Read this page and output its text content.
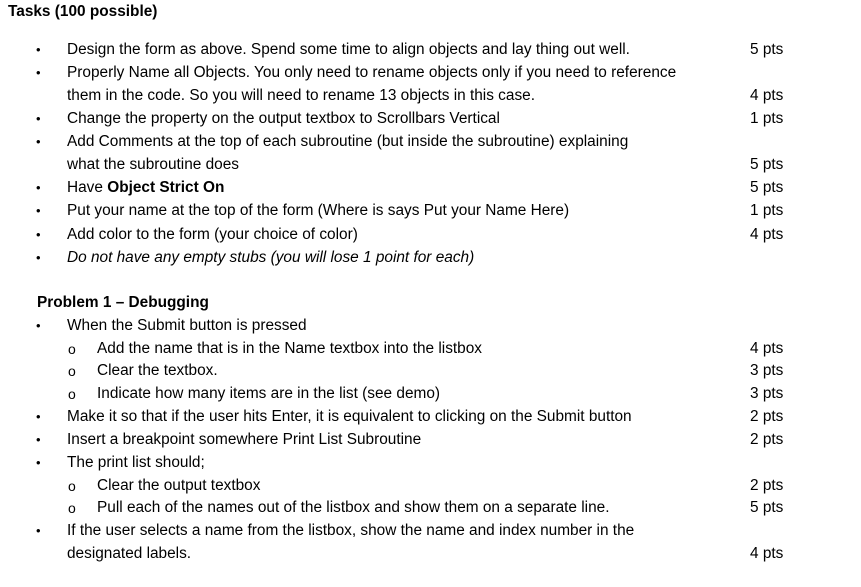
Tasks (100 possible)
• Design the form as above. Spend some time to align objects and lay thing out well.	5 pts
• Properly Name all Objects. You only need to rename objects only if you need to reference
them in the code. So you will need to rename 13 objects in this case.	4 pts
• Change the property on the output textbox to Scrollbars Vertical	1 pts
• Add Comments at the top of each subroutine (but inside the subroutine) explaining
what the subroutine does	5 pts
• Have Object Strict On	5 pts
• Put your name at the top of the form (Where is says Put your Name Here)	1 pts
• Add color to the form (your choice of color)	4 pts
• Do not have any empty stubs (you will lose 1 point for each)
Problem 1 – Debugging
• When the Submit button is pressed
o Add the name that is in the Name textbox into the listbox	4 pts
o Clear the textbox.	3 pts
o Indicate how many items are in the list (see demo)	3 pts
• Make it so that if the user hits Enter, it is equivalent to clicking on the Submit button	2 pts
• Insert a breakpoint somewhere Print List Subroutine	2 pts
• The print list should;
o Clear the output textbox	2 pts
o Pull each of the names out of the listbox and show them on a separate line.	5 pts
• If the user selects a name from the listbox, show the name and index number in the
designated labels.	4 pts
